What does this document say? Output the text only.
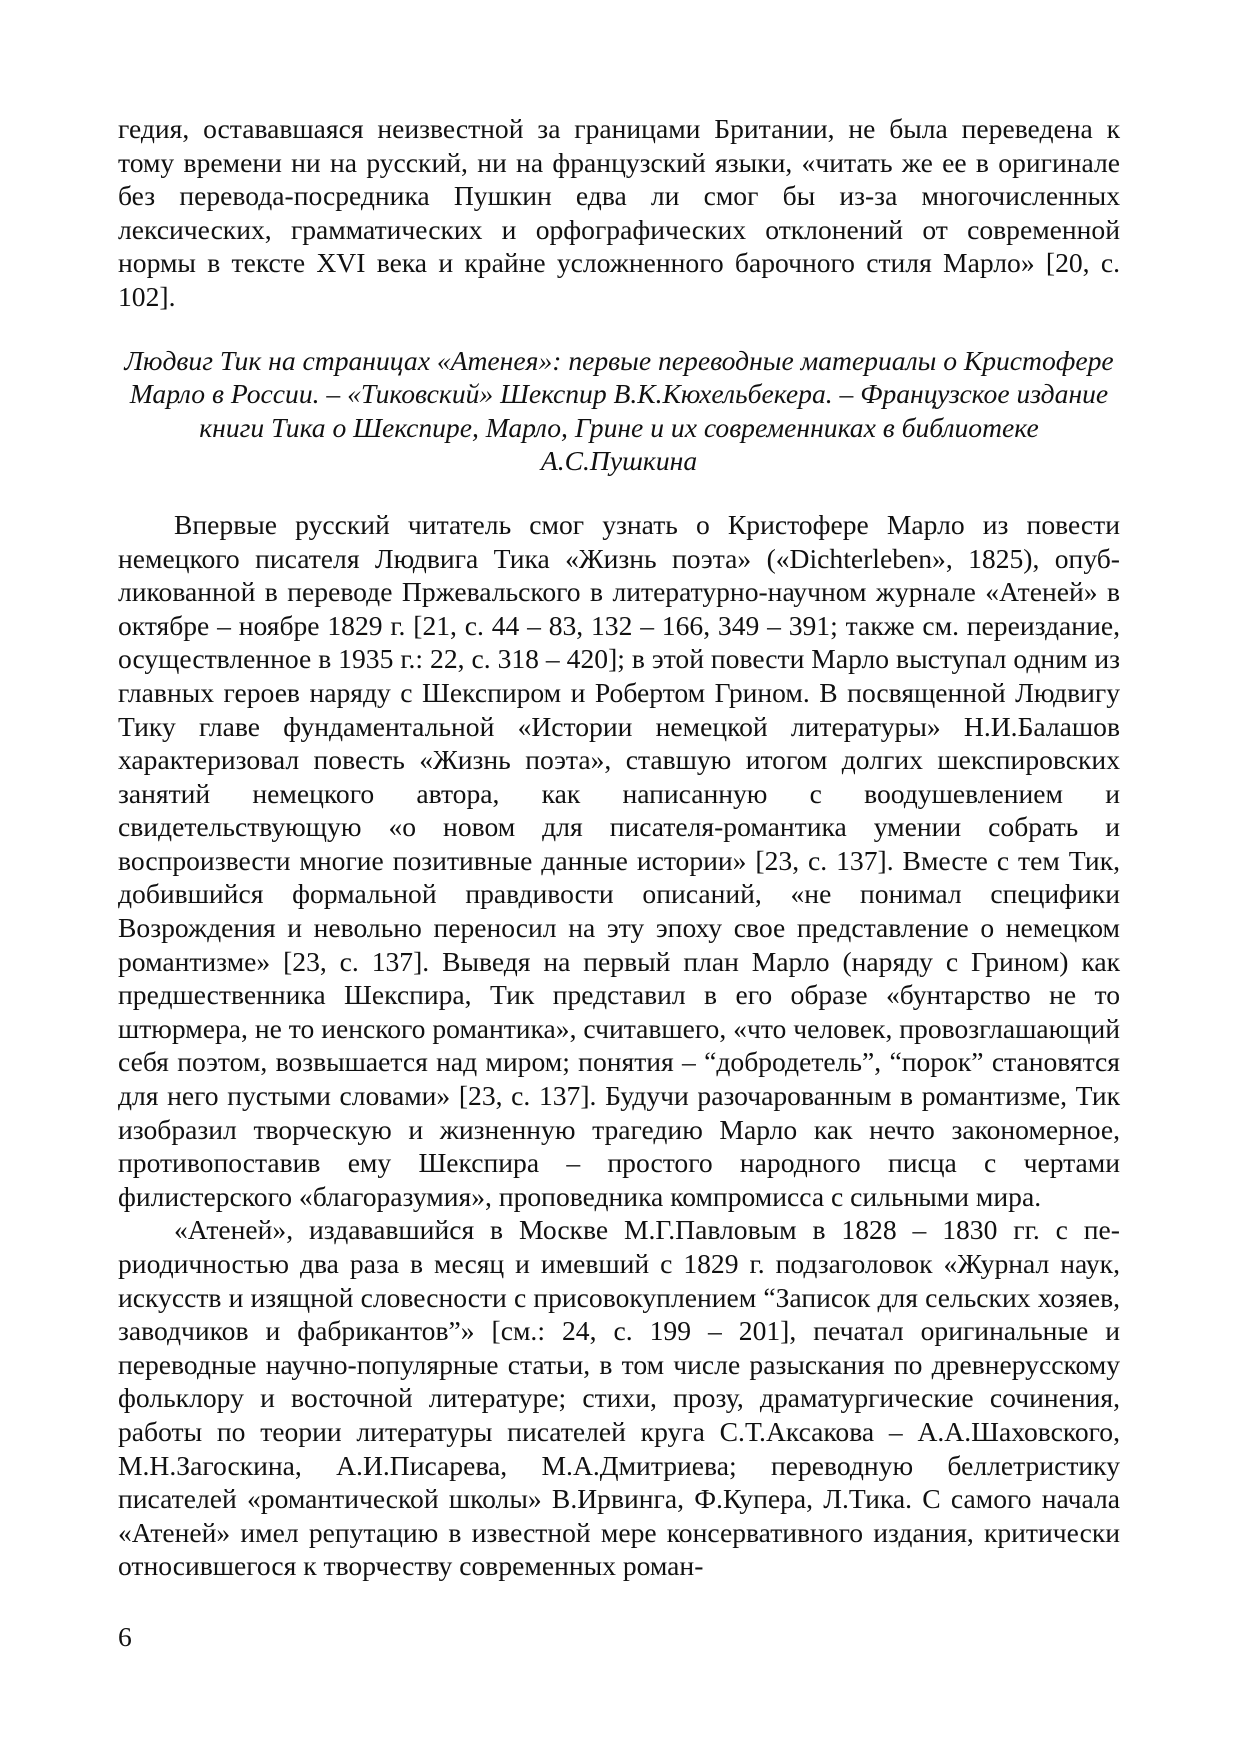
гедия, остававшаяся неизвестной за границами Британии, не была переведена к тому времени ни на русский, ни на французский языки, «читать же ее в оригинале без перевода-посредника Пушкин едва ли смог бы из-за многочисленных лексических, грамматических и орфографических отклонений от современной нормы в тексте XVI века и крайне усложненного барочного стиля Марло» [20, с. 102].

Людвиг Тик на страницах «Атенея»: первые переводные материалы о Кристофере Марло в России. – «Тиковский» Шекспир В.К.Кюхельбекера. – Французское издание книги Тика о Шекспире, Марло, Грине и их современниках в библиотеке А.С.Пушкина

Впервые русский читатель смог узнать о Кристофере Марло из повести немецкого писателя Людвига Тика «Жизнь поэта» («Dichterleben», 1825), опубликованной в переводе Пржевальского в литературно-научном журнале «Атеней» в октябре – ноябре 1829 г. [21, с. 44 – 83, 132 – 166, 349 – 391; также см. переиздание, осуществленное в 1935 г.: 22, с. 318 – 420]; в этой повести Марло выступал одним из главных героев наряду с Шекспиром и Робертом Грином. В посвященной Людвигу Тику главе фундаментальной «Истории немецкой литературы» Н.И.Балашов характеризовал повесть «Жизнь поэта», ставшую итогом долгих шекспировских занятий немецкого автора, как написанную с воодушевлением и свидетельствующую «о новом для писателя-романтика умении собрать и воспроизвести многие позитивные данные истории» [23, с. 137]. Вместе с тем Тик, добившийся формальной правдивости описаний, «не понимал специфики Возрождения и невольно переносил на эту эпоху свое представление о немецком романтизме» [23, с. 137]. Выведя на первый план Марло (наряду с Грином) как предшественника Шекспира, Тик представил в его образе «бунтарство не то штюрмера, не то иенского романтика», считавшего, «что человек, провозглашающий себя поэтом, возвышается над миром; понятия – “добродетель”, “порок” становятся для него пустыми словами» [23, с. 137]. Будучи разочарованным в романтизме, Тик изобразил творческую и жизненную трагедию Марло как нечто закономерное, противопоставив ему Шекспира – простого народного писца с чертами филистерского «благоразумия», проповедника компромисса с сильными мира.

«Атеней», издававшийся в Москве М.Г.Павловым в 1828 – 1830 гг. с периодичностью два раза в месяц и имевший с 1829 г. подзаголовок «Журнал наук, искусств и изящной словесности с присовокуплением “Записок для сельских хозяев, заводчиков и фабрикантов”» [см.: 24, с. 199 – 201], печатал оригинальные и переводные научно-популярные статьи, в том числе разыскания по древнерусскому фольклору и восточной литературе; стихи, прозу, драматургические сочинения, работы по теории литературы писателей круга С.Т.Аксакова – А.А.Шаховского, М.Н.Загоскина, А.И.Писарева, М.А.Дмитриева; переводную беллетристику писателей «романтической школы» В.Ирвинга, Ф.Купера, Л.Тика. С самого начала «Атеней» имел репутацию в известной мере консервативного издания, критически относившегося к творчеству современных роман-

6
